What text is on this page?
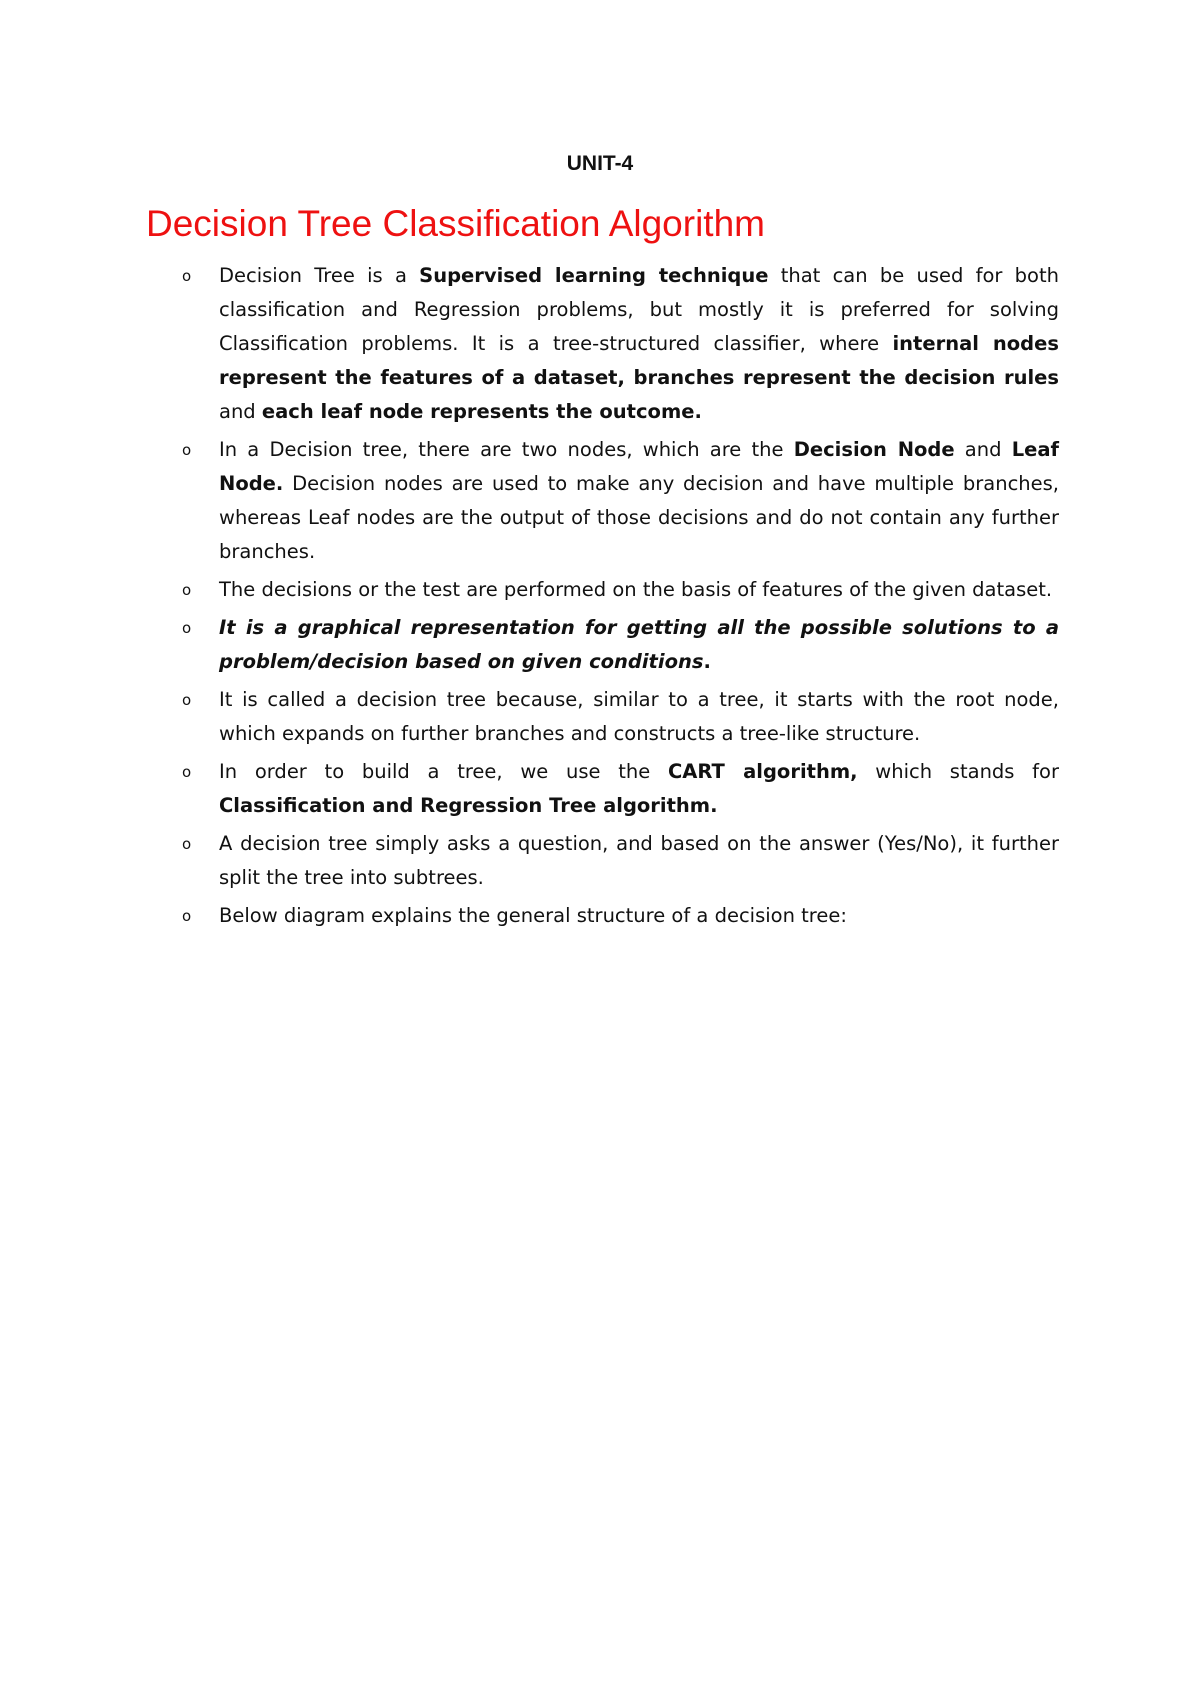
UNIT-4
Decision Tree Classification Algorithm
o Decision Tree is a Supervised learning technique that can be used for both classification and Regression problems, but mostly it is preferred for solving Classification problems. It is a tree-structured classifier, where internal nodes represent the features of a dataset, branches represent the decision rules and each leaf node represents the outcome.
o In a Decision tree, there are two nodes, which are the Decision Node and Leaf Node. Decision nodes are used to make any decision and have multiple branches, whereas Leaf nodes are the output of those decisions and do not contain any further branches.
o The decisions or the test are performed on the basis of features of the given dataset.
o It is a graphical representation for getting all the possible solutions to a problem/decision based on given conditions.
o It is called a decision tree because, similar to a tree, it starts with the root node, which expands on further branches and constructs a tree-like structure.
o In order to build a tree, we use the CART algorithm, which stands for Classification and Regression Tree algorithm.
o A decision tree simply asks a question, and based on the answer (Yes/No), it further split the tree into subtrees.
o Below diagram explains the general structure of a decision tree:
